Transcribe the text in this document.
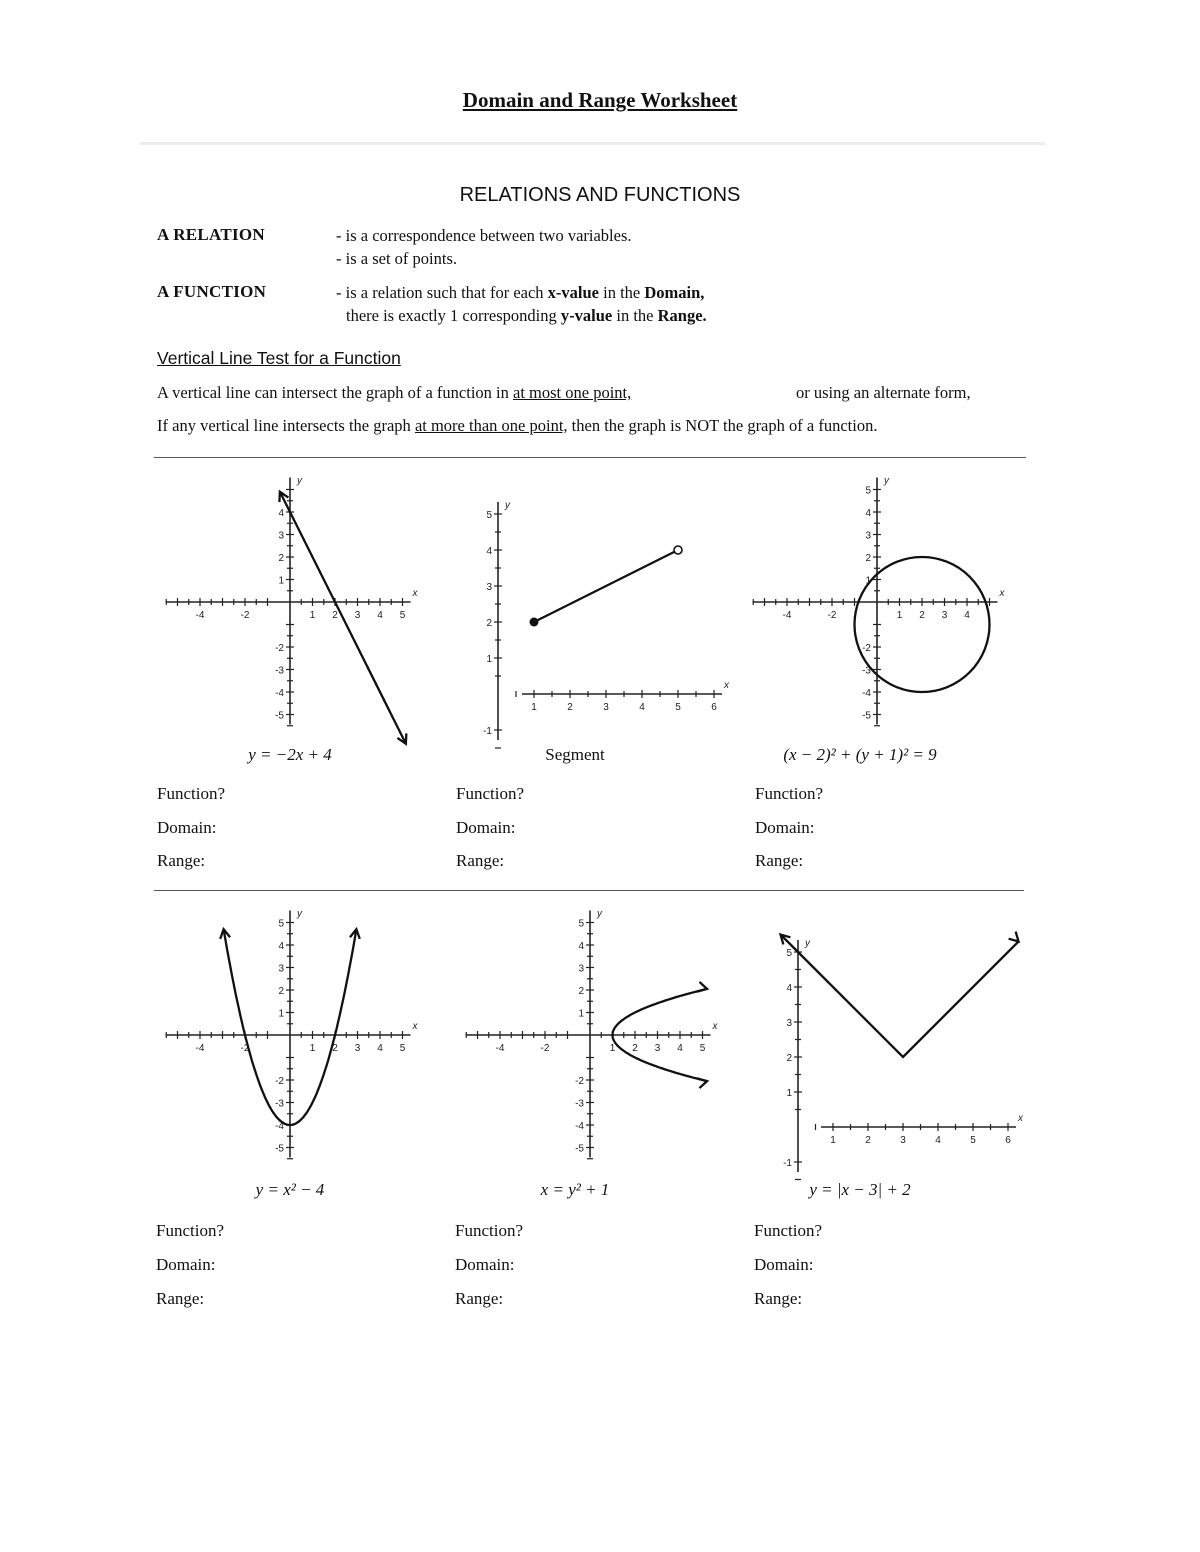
Domain and Range Worksheet
RELATIONS AND FUNCTIONS
A RELATION	- is a correspondence between two variables.
- is a set of points.
A FUNCTION	- is a relation such that for each x-value in the Domain,
there is exactly 1 corresponding y-value in the Range.
Vertical Line Test for a Function
A vertical line can intersect the graph of a function in at most one point,	or using an alternate form,
If any vertical line intersects the graph at more than one point, then the graph is NOT the graph of a function.
-4	-2	1 2 3 4 5
4
3
2
1
-2
-3
-4
-5
x
y
1	2	3	4	5	6
5
4
3
2
1
-1
x
y
-4	-2	1 2 3 4
5
4
3
2
1
-2
-3
-4
-5
x
y
-4	-2	1 2 3 4 5
5
4
3
2
1
-2
-3
-4
-5
x
y
-4	-2	1 2 3 4 5
5
4
3
2
1
-2
-3
-4
-5
x
y
1	2	3	4	5	6
5
4
3
2
1
-1
x
y
y = −2x + 4	Segment	(x − 2)² + (y + 1)² = 9
Function?
Domain:
Range:
Function?
Domain:
Range:
Function?
Domain:
Range:
y = x² − 4	x = y² + 1	y = |x − 3| + 2
Function?
Domain:
Range:
Function?
Domain:
Range:
Function?
Domain:
Range:
